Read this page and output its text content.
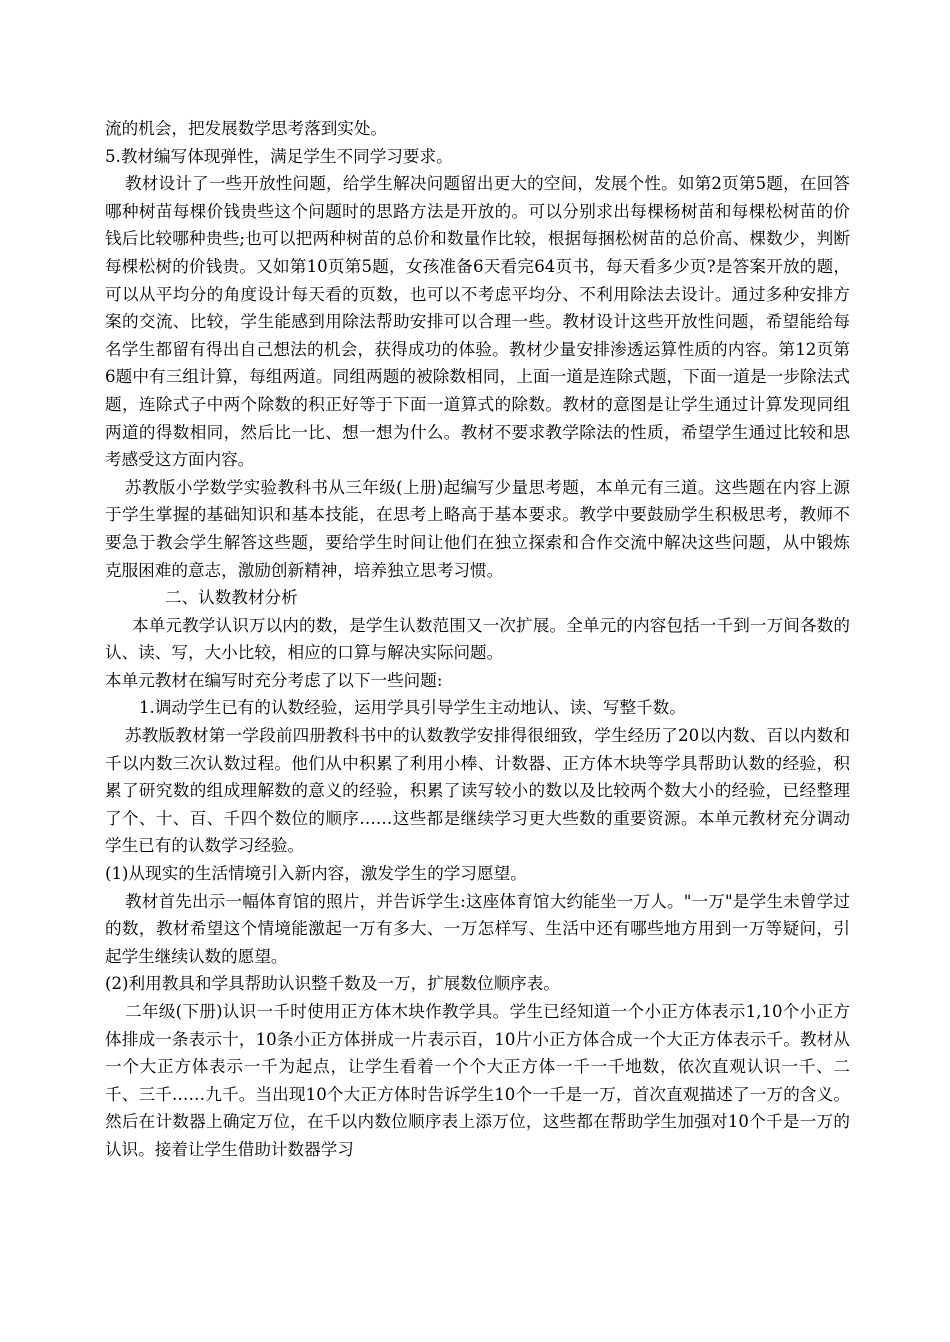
流的机会，把发展数学思考落到实处。

5.教材编写体现弹性，满足学生不同学习要求。

教材设计了一些开放性问题，给学生解决问题留出更大的空间，发展个性。如第2页第5题，在回答哪种树苗每棵价钱贵些这个问题时的思路方法是开放的。可以分别求出每棵杨树苗和每棵松树苗的价钱后比较哪种贵些;也可以把两种树苗的总价和数量作比较，根据每捆松树苗的总价高、棵数少，判断每棵松树的价钱贵。又如第10页第5题，女孩准备6天看完64页书，每天看多少页?是答案开放的题，可以从平均分的角度设计每天看的页数，也可以不考虑平均分、不利用除法去设计。通过多种安排方案的交流、比较，学生能感到用除法帮助安排可以合理一些。教材设计这些开放性问题，希望能给每名学生都留有得出自己想法的机会，获得成功的体验。教材少量安排渗透运算性质的内容。第12页第6题中有三组计算，每组两道。同组两题的被除数相同，上面一道是连除式题，下面一道是一步除法式题，连除式子中两个除数的积正好等于下面一道算式的除数。教材的意图是让学生通过计算发现同组两道的得数相同，然后比一比、想一想为什么。教材不要求教学除法的性质，希望学生通过比较和思考感受这方面内容。

苏教版小学数学实验教科书从三年级(上册)起编写少量思考题，本单元有三道。这些题在内容上源于学生掌握的基础知识和基本技能，在思考上略高于基本要求。教学中要鼓励学生积极思考，教师不要急于教会学生解答这些题，要给学生时间让他们在独立探索和合作交流中解决这些问题，从中锻炼克服困难的意志，激励创新精神，培养独立思考习惯。

二、认数教材分析

本单元教学认识万以内的数，是学生认数范围又一次扩展。全单元的内容包括一千到一万间各数的认、读、写，大小比较，相应的口算与解决实际问题。

本单元教材在编写时充分考虑了以下一些问题:

1.调动学生已有的认数经验，运用学具引导学生主动地认、读、写整千数。

苏教版教材第一学段前四册教科书中的认数教学安排得很细致，学生经历了20以内数、百以内数和千以内数三次认数过程。他们从中积累了利用小棒、计数器、正方体木块等学具帮助认数的经验，积累了研究数的组成理解数的意义的经验，积累了读写较小的数以及比较两个数大小的经验，已经整理了个、十、百、千四个数位的顺序……这些都是继续学习更大些数的重要资源。本单元教材充分调动学生已有的认数学习经验。

(1)从现实的生活情境引入新内容，激发学生的学习愿望。

教材首先出示一幅体育馆的照片，并告诉学生:这座体育馆大约能坐一万人。"一万"是学生未曾学过的数，教材希望这个情境能激起一万有多大、一万怎样写、生活中还有哪些地方用到一万等疑问，引起学生继续认数的愿望。

(2)利用教具和学具帮助认识整千数及一万，扩展数位顺序表。

二年级(下册)认识一千时使用正方体木块作教学具。学生已经知道一个小正方体表示1,10个小正方体排成一条表示十，10条小正方体拼成一片表示百，10片小正方体合成一个大正方体表示千。教材从一个大正方体表示一千为起点，让学生看着一个个大正方体一千一千地数，依次直观认识一千、二千、三千……九千。当出现10个大正方体时告诉学生10个一千是一万，首次直观描述了一万的含义。然后在计数器上确定万位，在千以内数位顺序表上添万位，这些都在帮助学生加强对10个千是一万的认识。接着让学生借助计数器学习
